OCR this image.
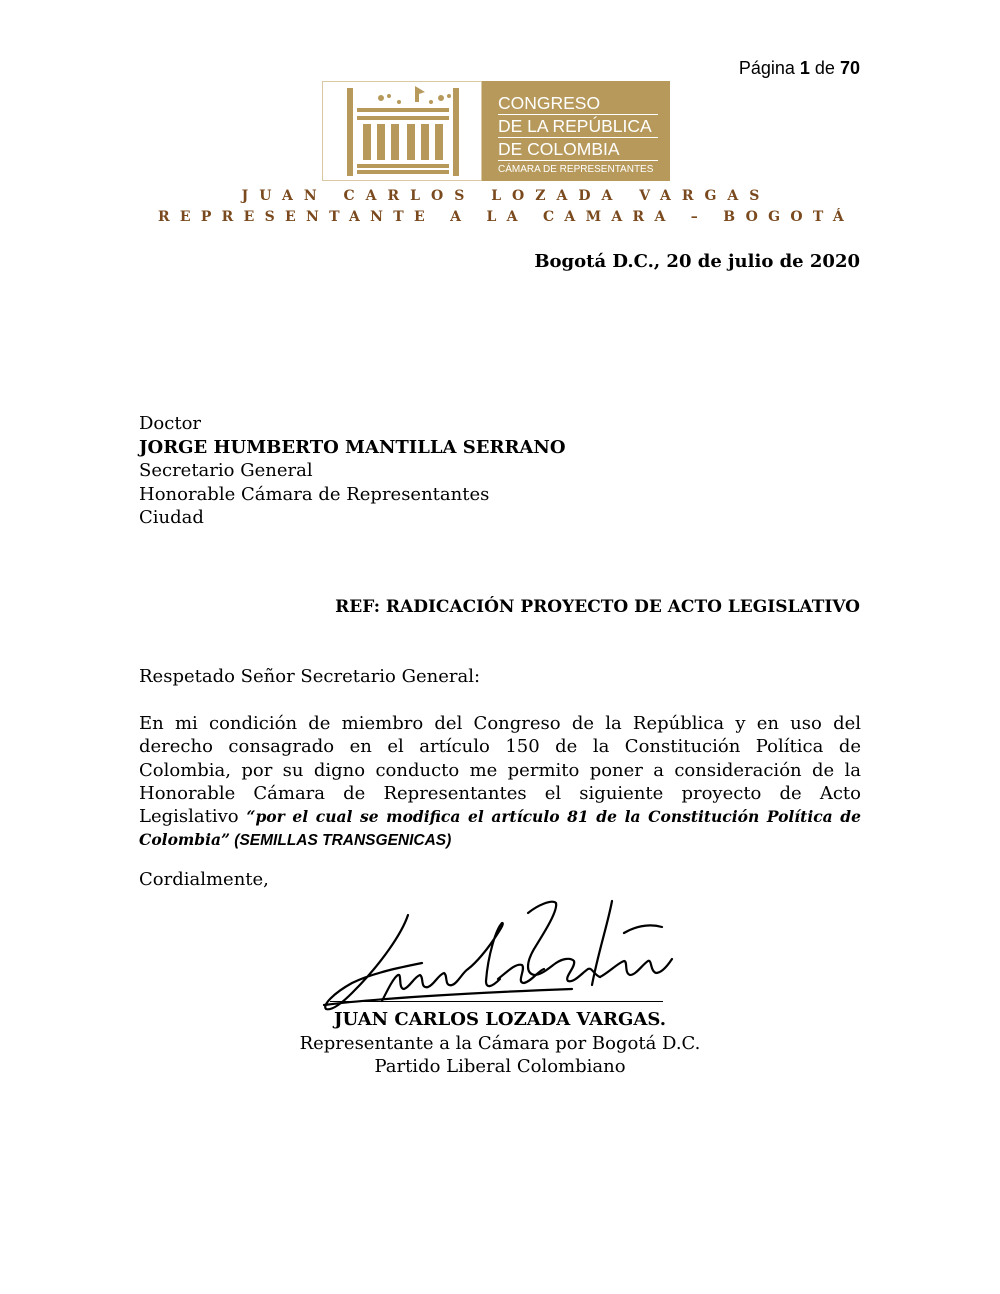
Página 1 de 70
CONGRESO
DE LA REPÚBLICA
DE COLOMBIA
CÁMARA DE REPRESENTANTES
JUAN CARLOS LOZADA VARGAS
REPRESENTANTE A LA CAMARA – BOGOTÁ
Bogotá D.C., 20 de julio de 2020
Doctor
JORGE HUMBERTO MANTILLA SERRANO
Secretario General
Honorable Cámara de Representantes
Ciudad
REF: RADICACIÓN PROYECTO DE ACTO LEGISLATIVO
Respetado Señor Secretario General:
En mi condición de miembro del Congreso de la República y en uso del derecho consagrado en el artículo 150 de la Constitución Política de Colombia, por su digno conducto me permito poner a consideración de la Honorable Cámara de Representantes el siguiente proyecto de Acto Legislativo “por el cual se modifica el artículo 81 de la Constitución Política de Colombia” (SEMILLAS TRANSGENICAS)
Cordialmente,
JUAN CARLOS LOZADA VARGAS.
Representante a la Cámara por Bogotá D.C.
Partido Liberal Colombiano
